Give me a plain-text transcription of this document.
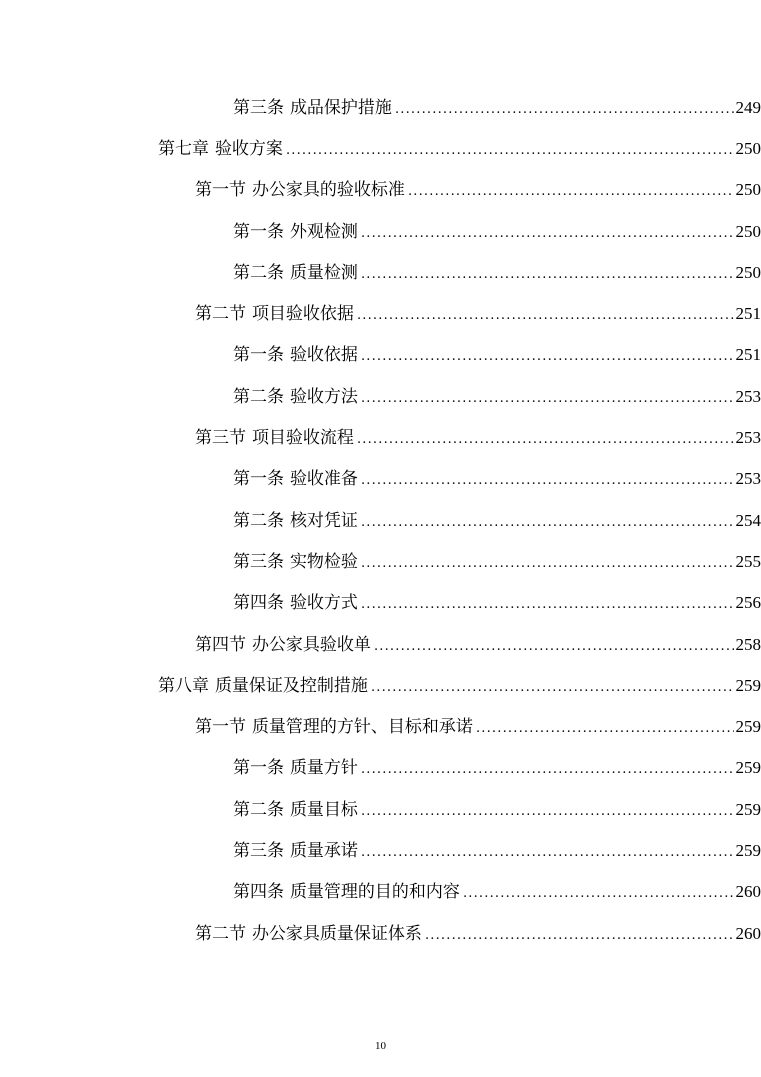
第三条 成品保护措施 .....	249
第七章 验收方案 .....	250
第一节 办公家具的验收标准 .....	250
第一条 外观检测 .....	250
第二条 质量检测 .....	250
第二节 项目验收依据 .....	251
第一条 验收依据 .....	251
第二条 验收方法 .....	253
第三节 项目验收流程 .....	253
第一条 验收准备 .....	253
第二条 核对凭证 .....	254
第三条 实物检验 .....	255
第四条 验收方式 .....	256
第四节 办公家具验收单 .....	258
第八章 质量保证及控制措施 .....	259
第一节 质量管理的方针、目标和承诺 .....	259
第一条 质量方针 .....	259
第二条 质量目标 .....	259
第三条 质量承诺 .....	259
第四条 质量管理的目的和内容 .....	260
第二节 办公家具质量保证体系 .....	260
10
